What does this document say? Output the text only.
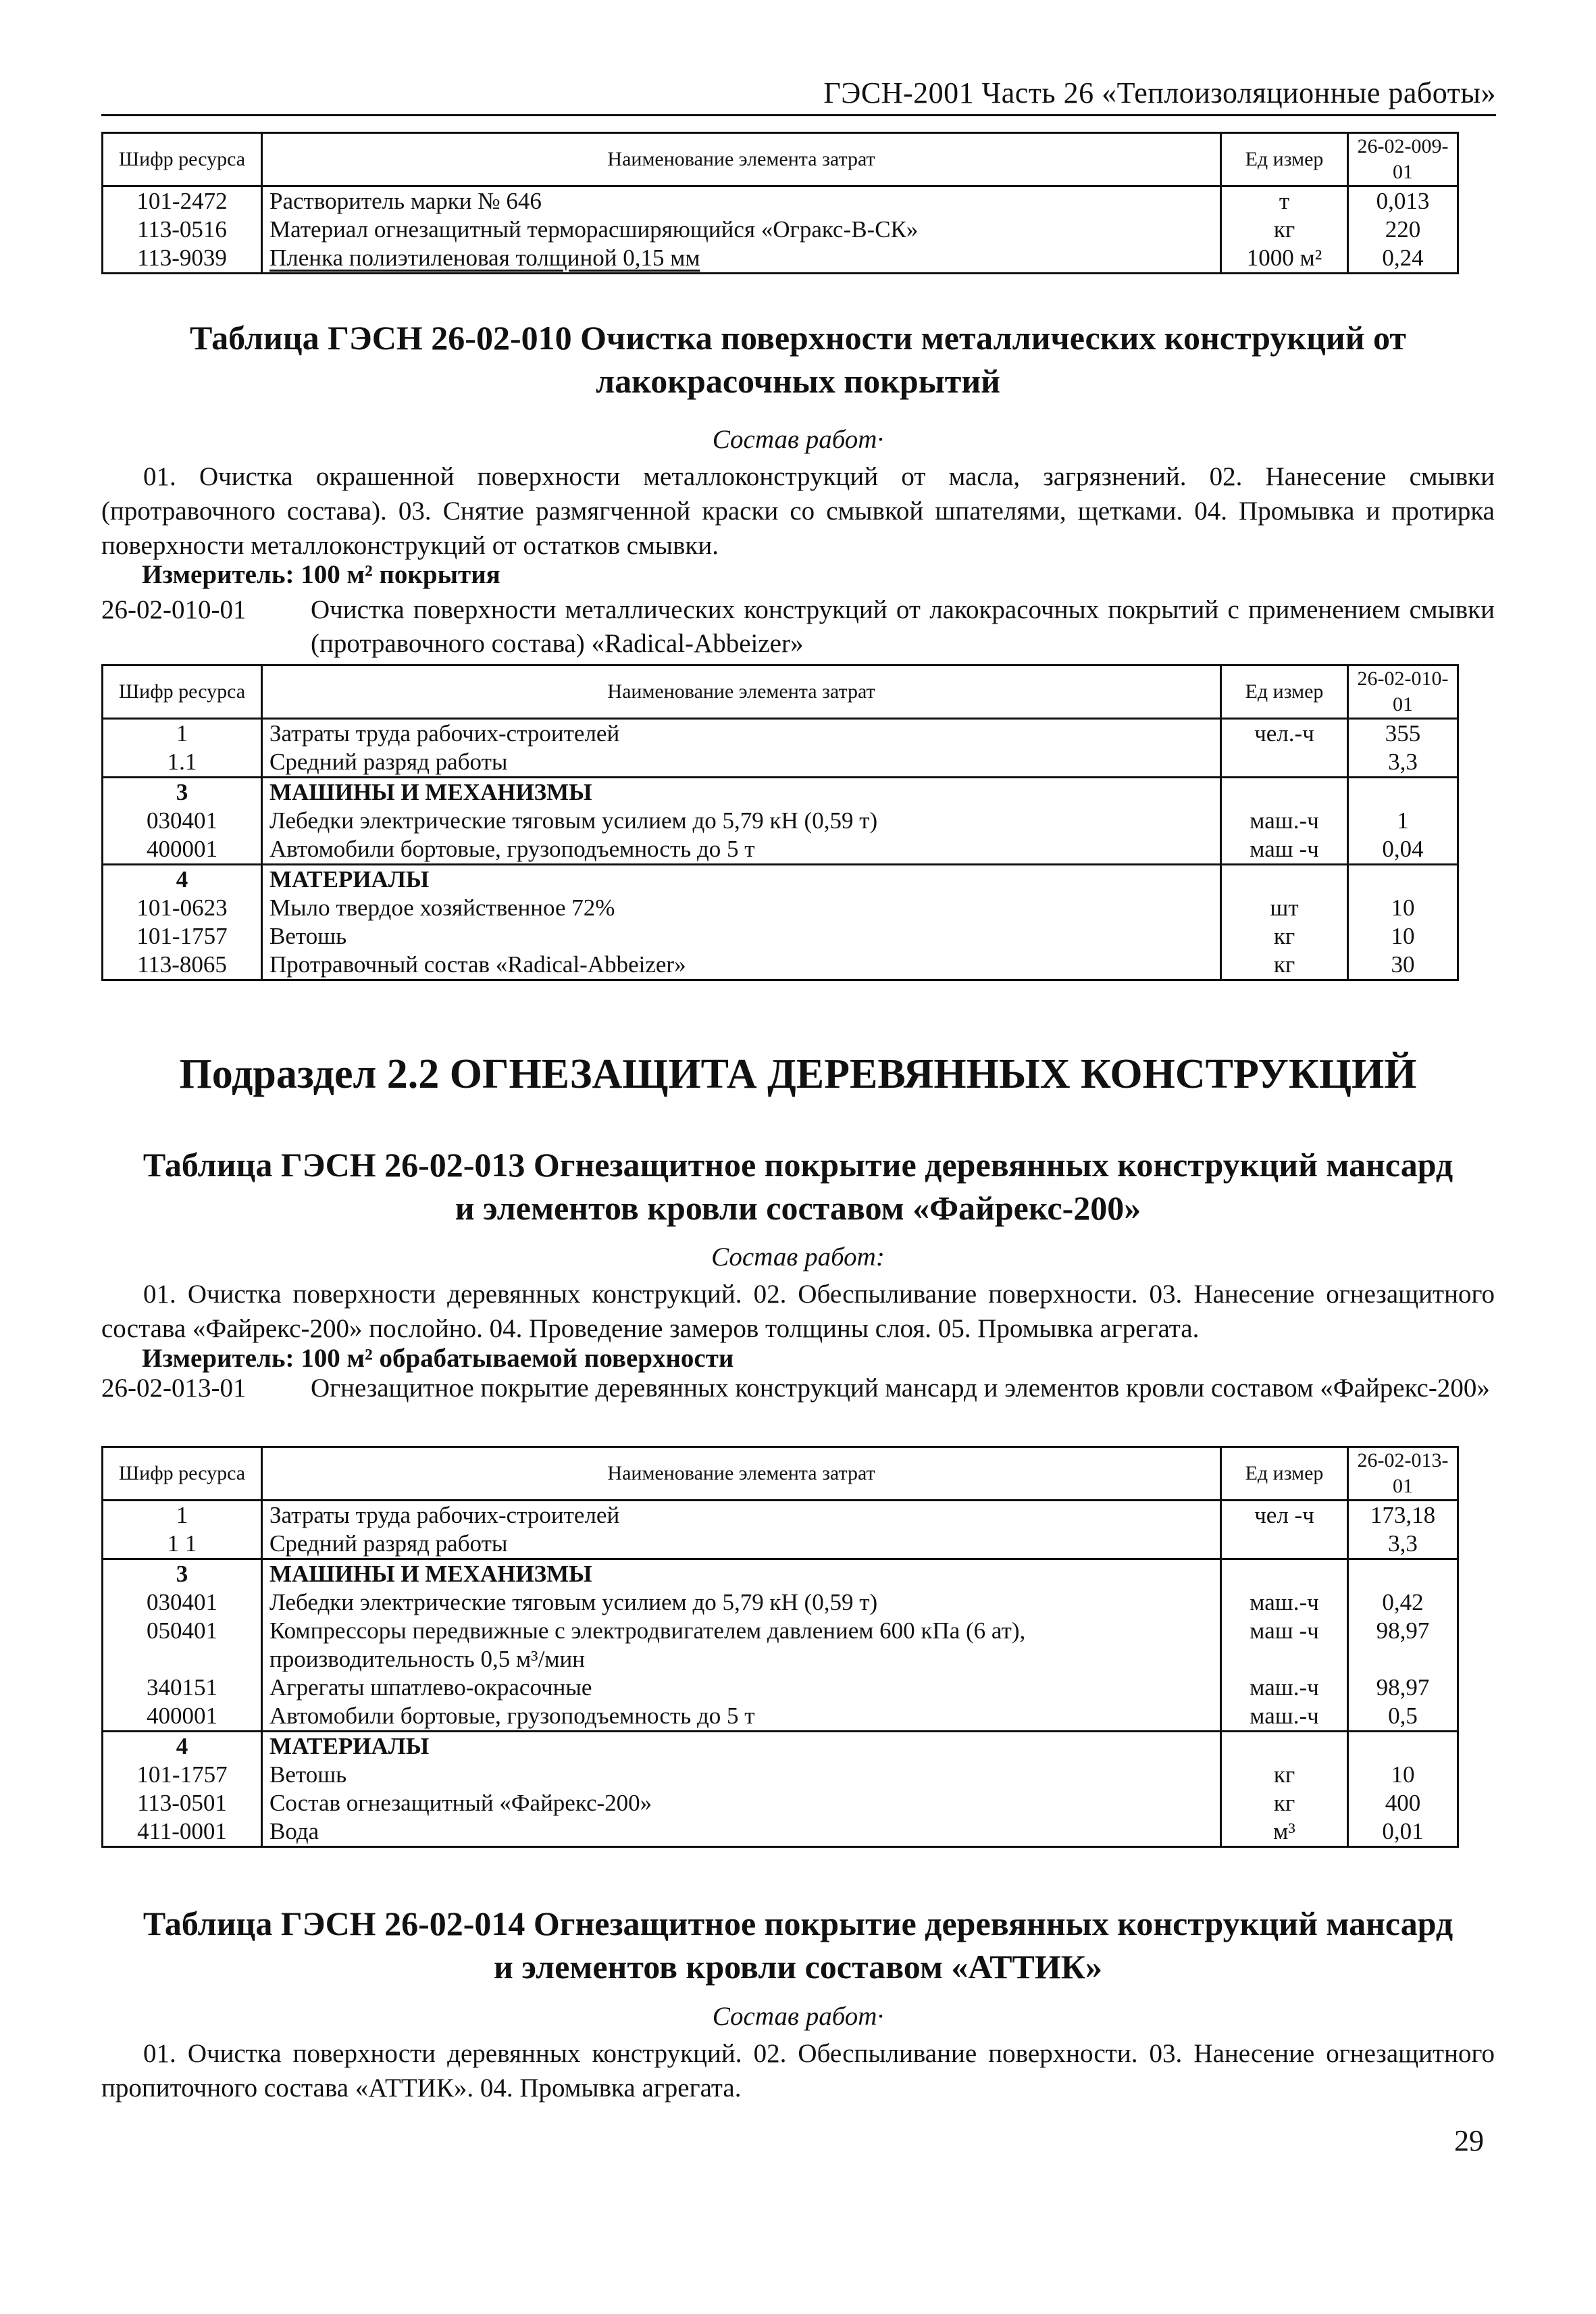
ГЭСН-2001 Часть 26 «Теплоизоляционные работы»
Шифр ресурса	Наименование элемента затрат	Ед измер	26-02-009-01
101-2472	Растворитель марки № 646	т	0,013
113-0516	Материал огнезащитный терморасширяющийся «Огракс-В-СК»	кг	220
113-9039	Пленка полиэтиленовая толщиной 0,15 мм	1000 м²	0,24
Таблица ГЭСН 26-02-010 Очистка поверхности металлических конструкций от лакокрасочных покрытий
Состав работ·
01. Очистка окрашенной поверхности металлоконструкций от масла, загрязнений. 02. Нанесение смывки (протравочного состава). 03. Снятие размягченной краски со смывкой шпателями, щетками. 04. Промывка и протирка поверхности металлоконструкций от остатков смывки.
Измеритель: 100 м² покрытия
26-02-010-01	Очистка поверхности металлических конструкций от лакокрасочных покрытий с применением смывки (протравочного состава) «Radical-Abbeizer»
Шифр ресурса	Наименование элемента затрат	Ед измер	26-02-010-01
1	Затраты труда рабочих-строителей	чел.-ч	355
1.1	Средний разряд работы		3,3
3	МАШИНЫ И МЕХАНИЗМЫ		
030401	Лебедки электрические тяговым усилием до 5,79 кН (0,59 т)	маш.-ч	1
400001	Автомобили бортовые, грузоподъемность до 5 т	маш -ч	0,04
4	МАТЕРИАЛЫ		
101-0623	Мыло твердое хозяйственное 72%	шт	10
101-1757	Ветошь	кг	10
113-8065	Протравочный состав «Radical-Abbeizer»	кг	30
Подраздел 2.2 ОГНЕЗАЩИТА ДЕРЕВЯННЫХ КОНСТРУКЦИЙ
Таблица ГЭСН 26-02-013 Огнезащитное покрытие деревянных конструкций мансард и элементов кровли составом «Файрекс-200»
Состав работ:
01. Очистка поверхности деревянных конструкций. 02. Обеспыливание поверхности. 03. Нанесение огнезащитного состава «Файрекс-200» послойно. 04. Проведение замеров толщины слоя. 05. Промывка агрегата.
Измеритель: 100 м² обрабатываемой поверхности
26-02-013-01	Огнезащитное покрытие деревянных конструкций мансард и элементов кровли составом «Файрекс-200»
Шифр ресурса	Наименование элемента затрат	Ед измер	26-02-013-01
1	Затраты труда рабочих-строителей	чел -ч	173,18
1 1	Средний разряд работы		3,3
3	МАШИНЫ И МЕХАНИЗМЫ		
030401	Лебедки электрические тяговым усилием до 5,79 кН (0,59 т)	маш.-ч	0,42
050401	Компрессоры передвижные с электродвигателем давлением 600 кПа (6 ат), производительность 0,5 м³/мин	маш -ч	98,97
340151	Агрегаты шпатлево-окрасочные	маш.-ч	98,97
400001	Автомобили бортовые, грузоподъемность до 5 т	маш.-ч	0,5
4	МАТЕРИАЛЫ		
101-1757	Ветошь	кг	10
113-0501	Состав огнезащитный «Файрекс-200»	кг	400
411-0001	Вода	м³	0,01
Таблица ГЭСН 26-02-014 Огнезащитное покрытие деревянных конструкций мансард и элементов кровли составом «АТТИК»
Состав работ·
01. Очистка поверхности деревянных конструкций. 02. Обеспыливание поверхности. 03. Нанесение огнезащитного пропиточного состава «АТТИК». 04. Промывка агрегата.
29
